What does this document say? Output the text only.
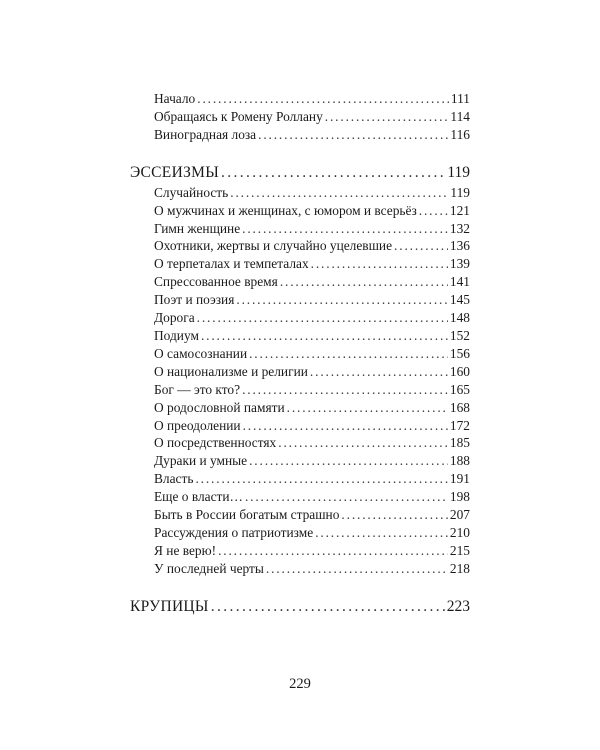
Начало . . .	111
Обращаясь к Ромену Роллану . . .	114
Виноградная лоза . . .	116
ЭССЕИЗМЫ . . .	119
Случайность . . .	119
О мужчинах и женщинах, с юмором и всерьёз . . . 121
Гимн женщине . . .	132
Охотники, жертвы и случайно уцелевшие . . .	136
О терпеталах и темпеталах . . .	139
Спрессованное время . . .	141
Поэт и поэзия . . .	145
Дорога . . .	148
Подиум . . .	152
О самосознании . . .	156
О национализме и религии . . .	160
Бог — это кто? . . .	165
О родословной памяти . . .	168
О преодолении . . .	172
О посредственностях . . .	185
Дураки и умные . . .	188
Власть . . .	191
Еще о власти… . . .	198
Быть в России богатым страшно . . .	207
Рассуждения о патриотизме . . .	210
Я не верю! . . .	215
У последней черты . . .	218
КРУПИЦЫ . . .	223
229
